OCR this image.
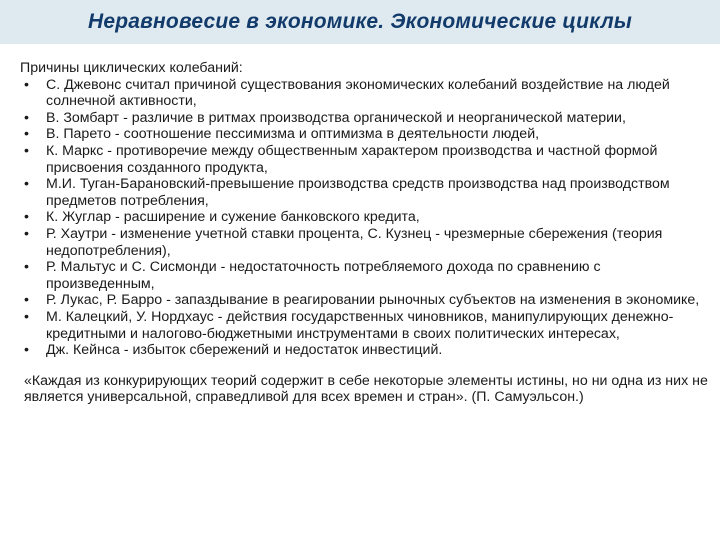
Неравновесие в экономике. Экономические циклы
Причины циклических колебаний:
• С. Джевонс считал причиной существования экономических колебаний воздействие на людей солнечной активности,
• В. Зомбарт - различие в ритмах производства органической и неорганической материи,
• В. Парето - соотношение пессимизма и оптимизма в деятельности людей,
• К. Маркс - противоречие между общественным характером производства и частной формой присвоения созданного продукта,
• М.И. Туган-Барановский-превышение производства средств производства над производством предметов потребления,
• К. Жуглар - расширение и сужение банковского кредита,
• Р. Хаутри - изменение учетной ставки процента, С. Кузнец - чрезмерные сбережения (теория недопотребления),
• Р. Мальтус и С. Сисмонди - недостаточность потребляемого дохода по сравнению с произведенным,
• Р. Лукас, Р. Барро - запаздывание в реагировании рыночных субъектов на изменения в экономике,
• М. Калецкий, У. Нордхаус - действия государственных чиновников, манипулирующих денежно-кредитными и налогово-бюджетными инструментами в своих политических интересах,
• Дж. Кейнса - избыток сбережений и недостаток инвестиций.
«Каждая из конкурирующих теорий содержит в себе некоторые элементы истины, но ни одна из них не является универсальной, справедливой для всех времен и стран». (П. Самуэльсон.)
